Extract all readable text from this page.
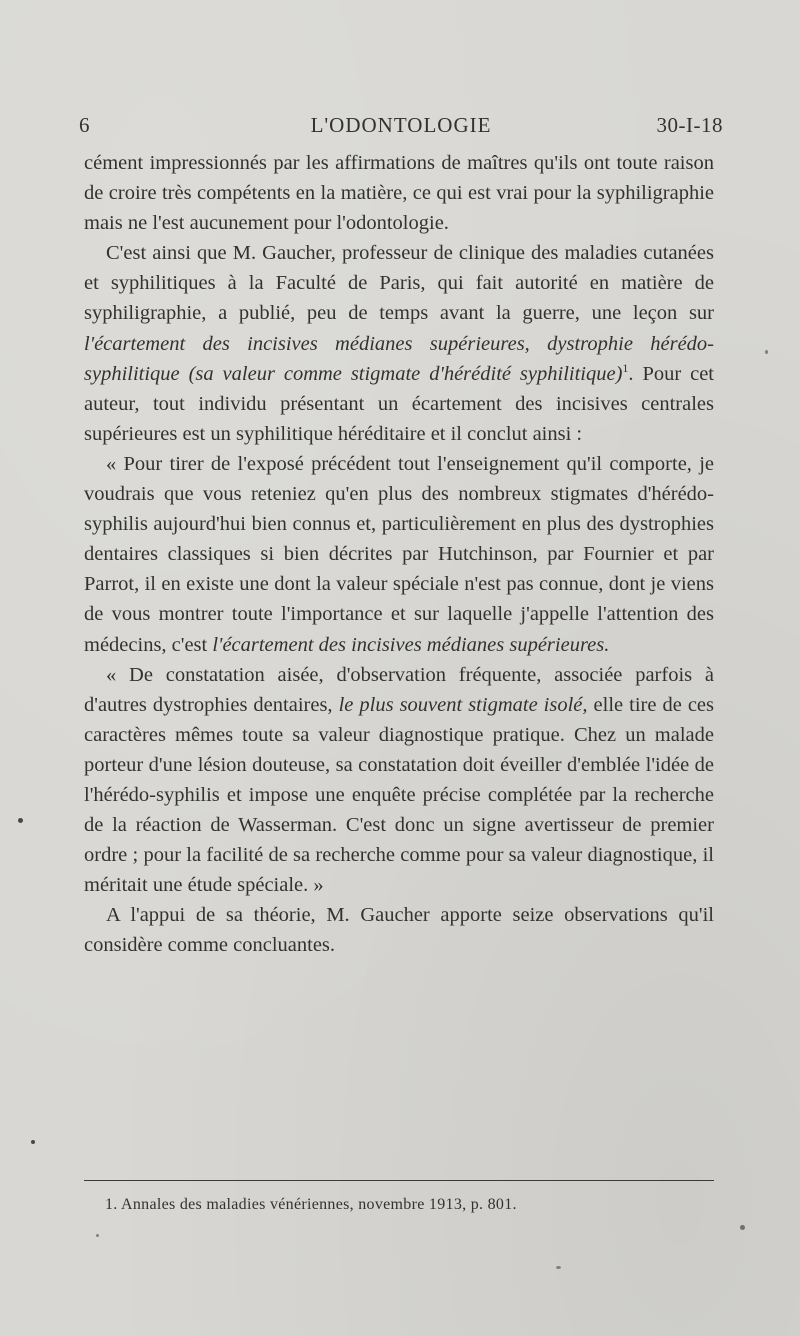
6	L'ODONTOLOGIE	30-I-18

cément impressionnés par les affirmations de maîtres qu'ils ont toute raison de croire très compétents en la matière, ce qui est vrai pour la syphiligraphie mais ne l'est aucunement pour l'odontologie.

C'est ainsi que M. Gaucher, professeur de clinique des maladies cutanées et syphilitiques à la Faculté de Paris, qui fait autorité en matière de syphiligraphie, a publié, peu de temps avant la guerre, une leçon sur l'écartement des incisives médianes supérieures, dystrophie hérédo-syphilitique (sa valeur comme stigmate d'hérédité syphilitique)$^1$. Pour cet auteur, tout individu présentant un écartement des incisives centrales supérieures est un syphilitique héréditaire et il conclut ainsi :

« Pour tirer de l'exposé précédent tout l'enseignement qu'il comporte, je voudrais que vous reteniez qu'en plus des nombreux stigmates d'hérédo-syphilis aujourd'hui bien connus et, particulièrement en plus des dystrophies dentaires classiques si bien décrites par Hutchinson, par Fournier et par Parrot, il en existe une dont la valeur spéciale n'est pas connue, dont je viens de vous montrer toute l'importance et sur laquelle j'appelle l'attention des médecins, c'est l'écartement des incisives médianes supérieures.

« De constatation aisée, d'observation fréquente, associée parfois à d'autres dystrophies dentaires, le plus souvent stigmate isolé, elle tire de ces caractères mêmes toute sa valeur diagnostique pratique. Chez un malade porteur d'une lésion douteuse, sa constatation doit éveiller d'emblée l'idée de l'hérédo-syphilis et impose une enquête précise complétée par la recherche de la réaction de Wasserman. C'est donc un signe avertisseur de premier ordre ; pour la facilité de sa recherche comme pour sa valeur diagnostique, il méritait une étude spéciale. »

A l'appui de sa théorie, M. Gaucher apporte seize observations qu'il considère comme concluantes.

1. Annales des maladies vénériennes, novembre 1913, p. 801.
